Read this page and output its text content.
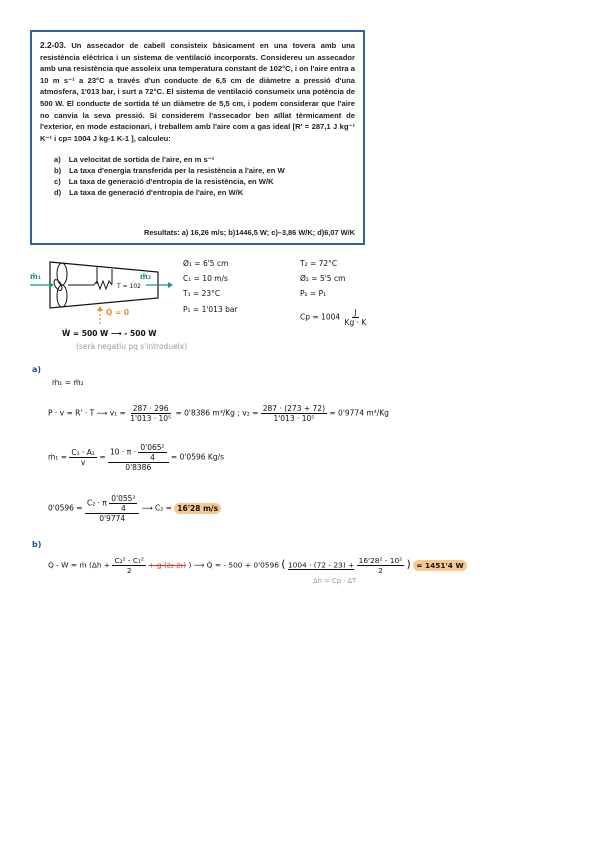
2.2-03. Un assecador de cabell consisteix bàsicament en una tovera amb una resistència elèctrica i un sistema de ventilació incorporats. Considereu un assecador amb una resistència que assoleix una temperatura constant de 102°C, i on l'aire entra a 10 m s⁻¹ a 23°C a través d'un conducte de 6,5 cm de diàmetre a pressió d'una atmosfera, 1'013 bar, i surt a 72°C. El sistema de ventilació consumeix una potència de 500 W. El conducte de sortida té un diàmetre de 5,5 cm, i podem considerar que l'aire no canvia la seva pressió. Si considerem l'assecador ben aïllat tèrmicament de l'exterior, en mode estacionari, i treballem amb l'aire com a gas ideal [R' = 287,1 J kg⁻¹ K⁻¹ i cp= 1004 J kg-1 K-1 ], calculeu:

a) La velocitat de sortida de l'aire, en m s⁻¹
b) La taxa d'energia transferida per la resistència a l'aire, en W
c) La taxa de generació d'entropia de la resistència, en W/K
d) La taxa de generació d'entropia de l'aire, en W/K
Resultats: a) 16,26 m/s; b)1446,5 W; c)–3,86 W/K; d)6,07 W/K
ṁ₁	ṁ₂
T = 102
Q̇ = 0
Ø₁ = 6'5 cm
C₁ = 10 m/s
T₁ = 23°C
P₁ = 1'013 bar
T₂ = 72°C
Ø₂ = 5'5 cm
P₂ = P₁
$Cp = 1004 \frac{J}{Kg \cdot K}$
Ẇ = 500 W ⟶ - 500 W
(serà negatiu pq s'introdueix)
a)
ṁ₁ = ṁ₂
P · v = R' · T ⟶ $v_1 = \frac{287 \cdot 296}{\text{1'013 · 10⁵}} = 0'8386$ m³/Kg ; $v_2 = \frac{287 \cdot (273 + 72)}{\text{1'013 · 10⁵}} = 0'9774$ m³/Kg
ṁ₁ = $\frac{\text{C₁ · A₁}}{v} = \frac{10 \cdot \pi \cdot \frac{\text{0'065²}}{4}}{0'8386} = 0'0596$ Kg/s
$0'0596 = \frac{C_2 \cdot \pi \frac{\text{0'055²}}{4}}{0'9774}$ ⟶ C₂ = 16'28 m/s
b)
Q̇ - Ẇ = ṁ ($\Delta h + \frac{\text{C₂² - C₁²}}{2} + g$ (z₂-z₁) ) ⟶ Q̇ = - 500 + 0'0596 ( $1004 \cdot (72 - 23) + \frac{\text{16'28² - 10²}}{2}$ ) = 1451'4 W
Δh = Cp · ΔT
